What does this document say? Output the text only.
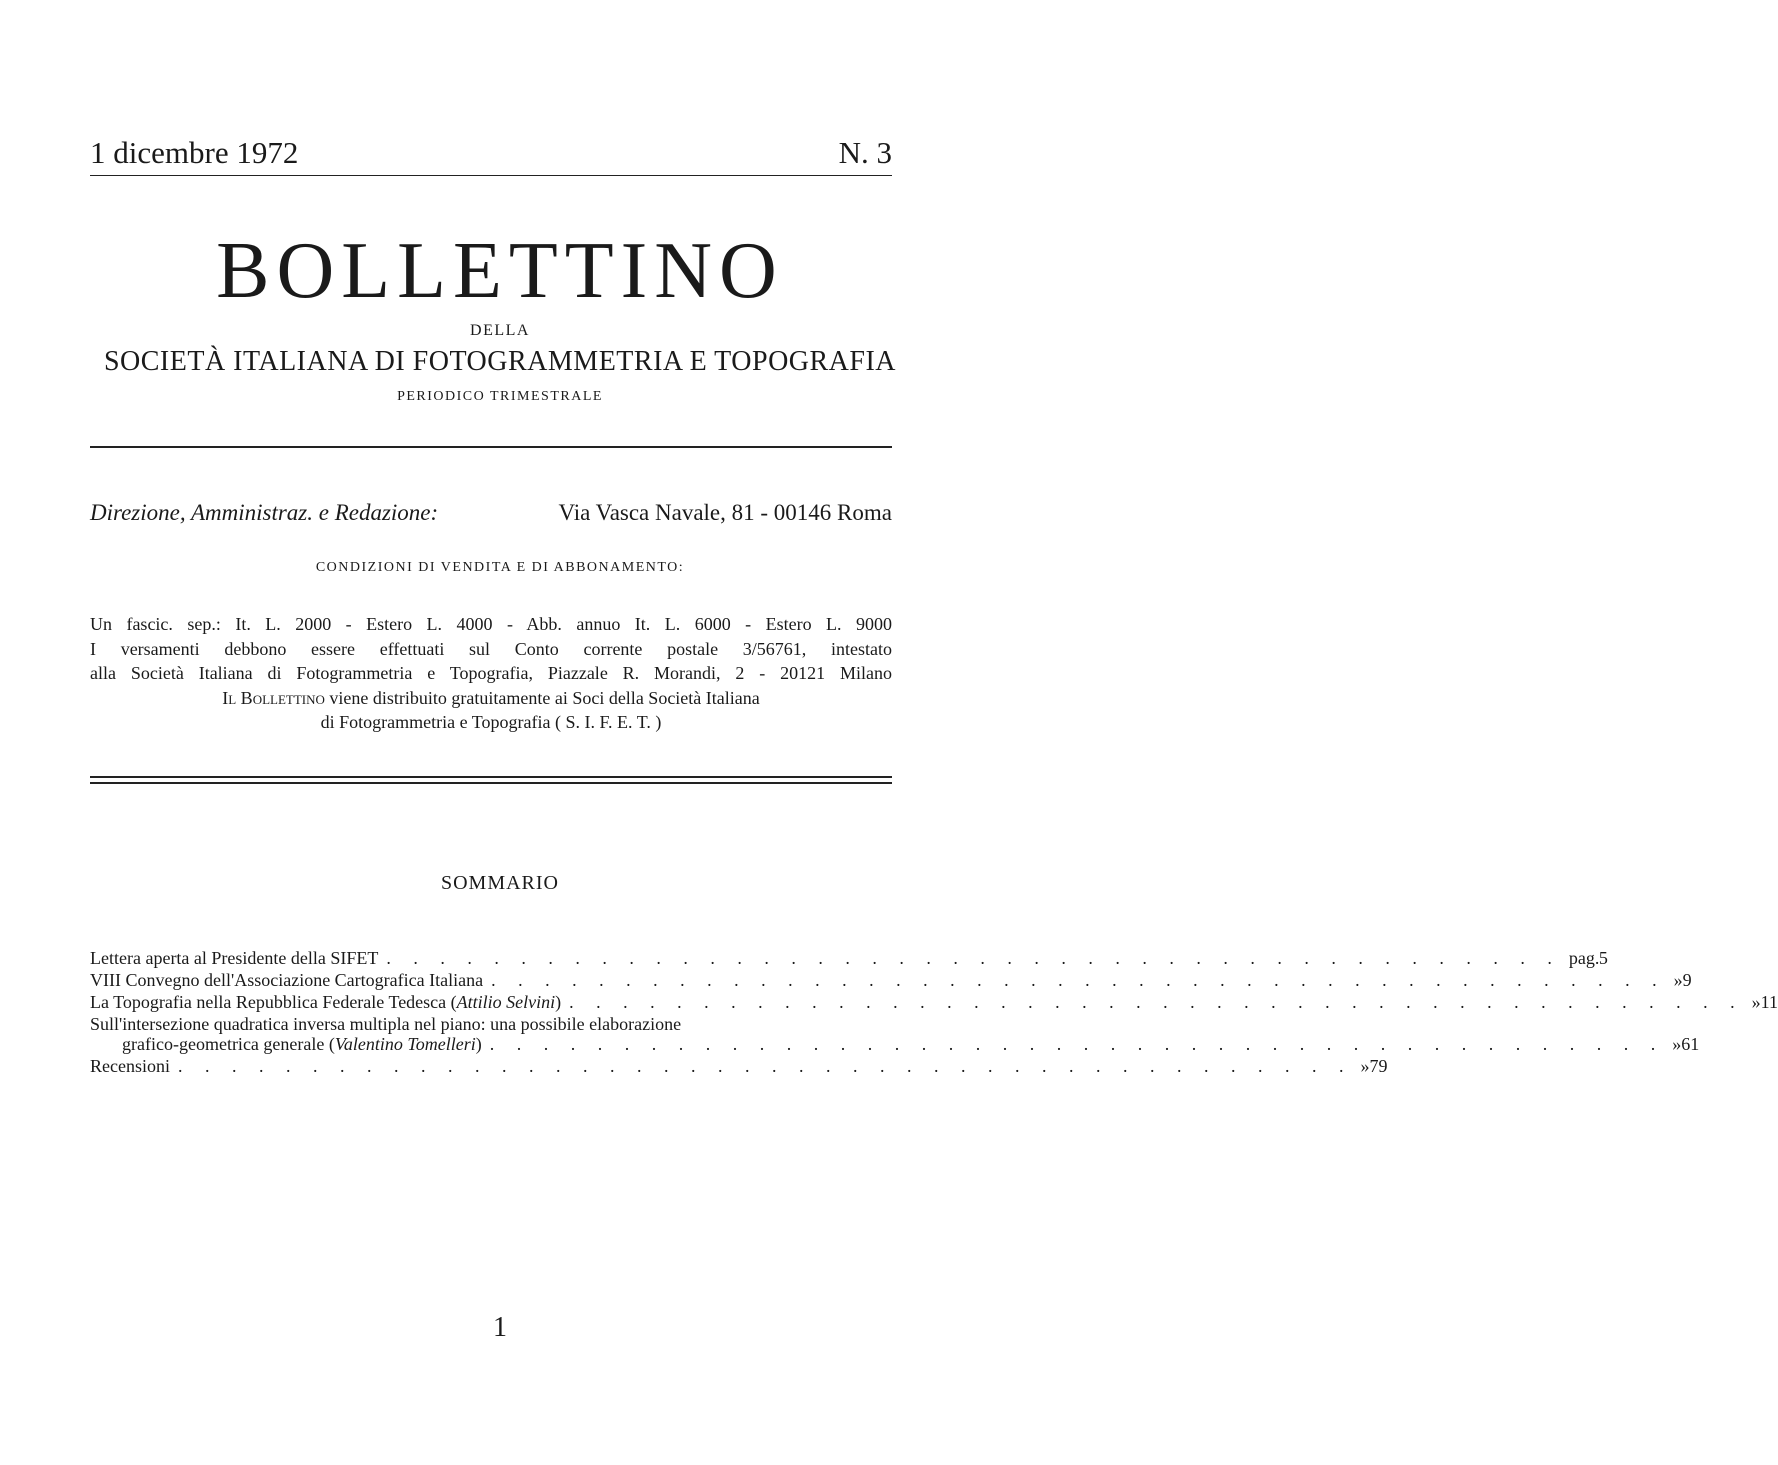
1 dicembre 1972	N. 3
BOLLETTINO
DELLA
SOCIETÀ ITALIANA DI FOTOGRAMMETRIA E TOPOGRAFIA
PERIODICO TRIMESTRALE
Direzione, Amministraz. e Redazione:	Via Vasca Navale, 81 - 00146 Roma
CONDIZIONI DI VENDITA E DI ABBONAMENTO:
Un fascic. sep.: It. L. 2000 - Estero L. 4000 - Abb. annuo It. L. 6000 - Estero L. 9000
I versamenti debbono essere effettuati sul Conto corrente postale 3/56761, intestato
alla Società Italiana di Fotogrammetria e Topografia, Piazzale R. Morandi, 2 - 20121 Milano
Il Bollettino viene distribuito gratuitamente ai Soci della Società Italiana
di Fotogrammetria e Topografia ( S. I. F. E. T. )
SOMMARIO
Lettera aperta al Presidente della SIFET . . . . . . . . . . . . . . . . . . . . . . . . . . . . . . . . . . . . . . . . . . . . pag. 5
VIII Convegno dell'Associazione Cartografica Italiana . . . . . . . . . . . . . . . . . . . . . . . . . . . . . . . . . . . . . . . . . . . . » 9
La Topografia nella Repubblica Federale Tedesca (Attilio Selvini) . . . . . . . . . . . . . . . . . . . . . . . . . . . . . . . . . . . . . . . . . . . . » 11
Sull'intersezione quadratica inversa multipla nel piano: una possibile elaborazione
grafico-geometrica generale (Valentino Tomelleri) . . . . . . . . . . . . . . . . . . . . . . . . . . . . . . . . . . . . . . . . . . . . » 61
Recensioni . . . . . . . . . . . . . . . . . . . . . . . . . . . . . . . . . . . . . . . . . . . . » 79
1
